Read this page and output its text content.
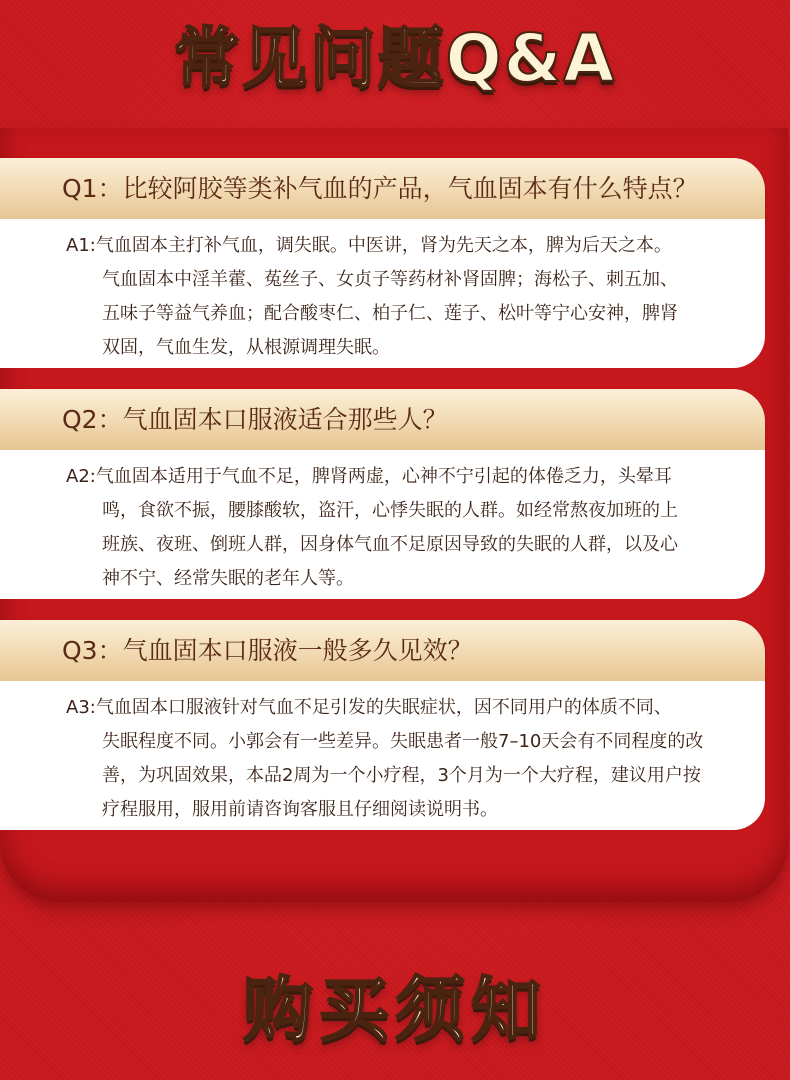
常见问题Q&A
Q1：比较阿胶等类补气血的产品，气血固本有什么特点？
A1:气血固本主打补气血，调失眠。中医讲，肾为先天之本，脾为后天之本。
气血固本中淫羊藿、菟丝子、女贞子等药材补肾固脾；海松子、刺五加、
五味子等益气养血；配合酸枣仁、柏子仁、莲子、松叶等宁心安神，脾肾
双固，气血生发，从根源调理失眠。
Q2：气血固本口服液适合那些人？
A2:气血固本适用于气血不足，脾肾两虚，心神不宁引起的体倦乏力，头晕耳
鸣，食欲不振，腰膝酸软，盗汗，心悸失眠的人群。如经常熬夜加班的上
班族、夜班、倒班人群，因身体气血不足原因导致的失眠的人群，以及心
神不宁、经常失眠的老年人等。
Q3：气血固本口服液一般多久见效？
A3:气血固本口服液针对气血不足引发的失眠症状，因不同用户的体质不同、
失眠程度不同。小郭会有一些差异。失眠患者一般7–10天会有不同程度的改
善，为巩固效果，本品2周为一个小疗程，3个月为一个大疗程，建议用户按
疗程服用，服用前请咨询客服且仔细阅读说明书。
购买须知
